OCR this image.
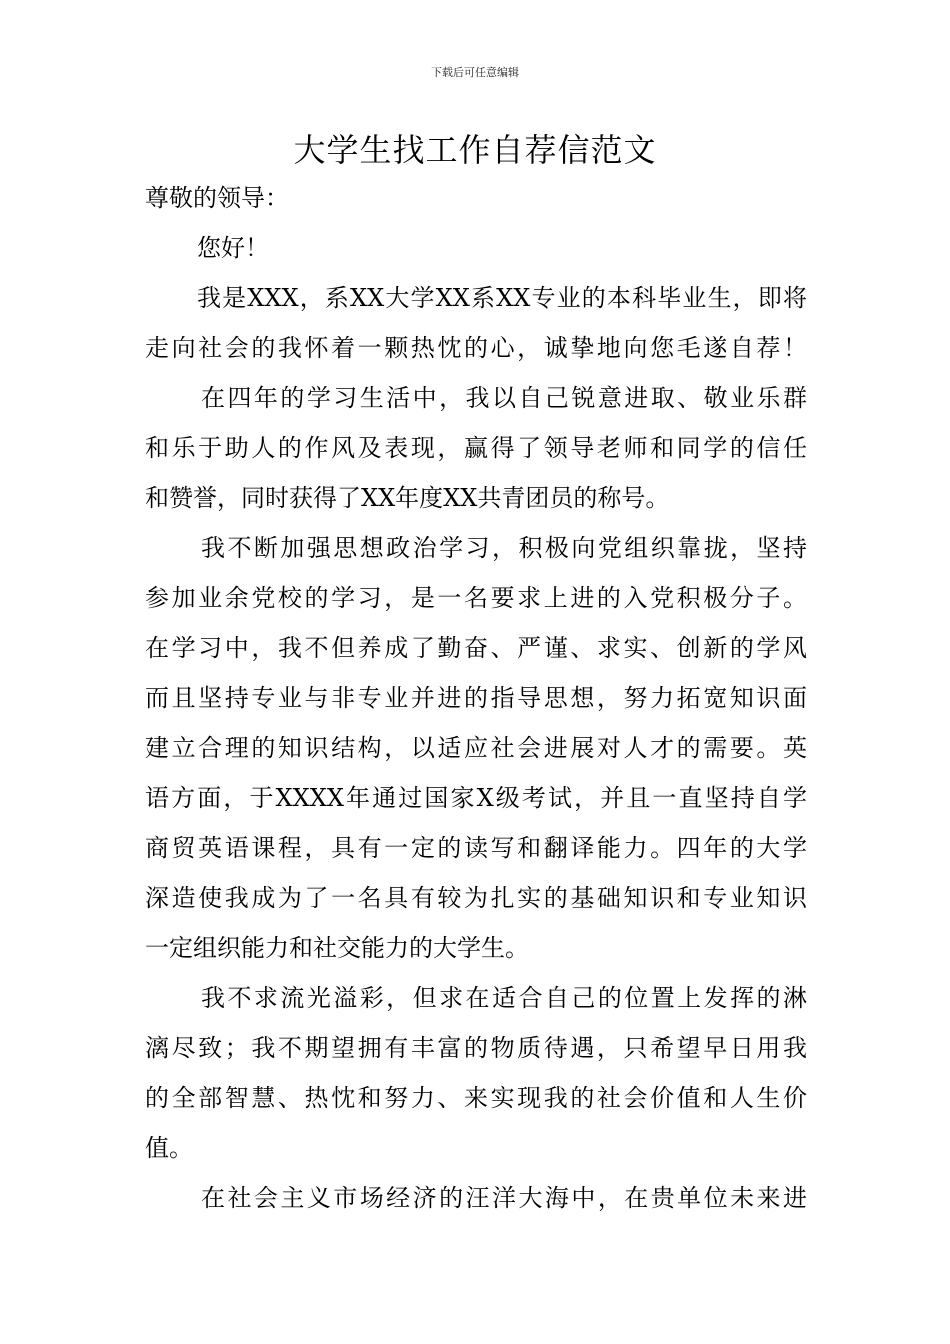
下载后可任意编辑
大学生找工作自荐信范文
尊敬的领导：
您好！
我是XXX，系XX大学XX系XX专业的本科毕业生，即将
走向社会的我怀着一颗热忱的心，诚挚地向您毛遂自荐！
在四年的学习生活中，我以自己锐意进取、敬业乐群
和乐于助人的作风及表现，赢得了领导老师和同学的信任
和赞誉，同时获得了XX年度XX共青团员的称号。
我不断加强思想政治学习，积极向党组织靠拢，坚持
参加业余党校的学习，是一名要求上进的入党积极分子。
在学习中，我不但养成了勤奋、严谨、求实、创新的学风
而且坚持专业与非专业并进的指导思想，努力拓宽知识面
建立合理的知识结构，以适应社会进展对人才的需要。英
语方面，于XXXX年通过国家X级考试，并且一直坚持自学
商贸英语课程，具有一定的读写和翻译能力。四年的大学
深造使我成为了一名具有较为扎实的基础知识和专业知识
一定组织能力和社交能力的大学生。
我不求流光溢彩，但求在适合自己的位置上发挥的淋
漓尽致；我不期望拥有丰富的物质待遇，只希望早日用我
的全部智慧、热忱和努力、来实现我的社会价值和人生价
值。
在社会主义市场经济的汪洋大海中，在贵单位未来进
